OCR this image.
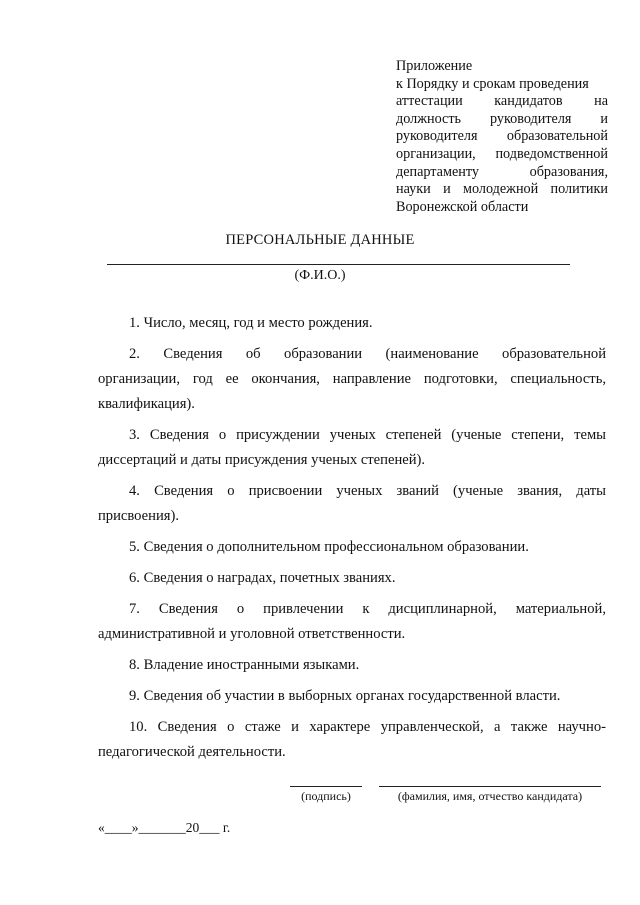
Приложение
к Порядку и срокам проведения
аттестации кандидатов на
должность руководителя и
руководителя образовательной
организации, подведомственной
департаменту образования,
науки и молодежной политики
Воронежской области
ПЕРСОНАЛЬНЫЕ ДАННЫЕ
(Ф.И.О.)
1. Число, месяц, год и место рождения.
2. Сведения об образовании (наименование образовательной
организации, год ее окончания, направление подготовки, специальность,
квалификация).
3. Сведения о присуждении ученых степеней (ученые степени, темы
диссертаций и даты присуждения ученых степеней).
4. Сведения о присвоении ученых званий (ученые звания, даты
присвоения).
5. Сведения о дополнительном профессиональном образовании.
6. Сведения о наградах, почетных званиях.
7. Сведения о привлечении к дисциплинарной, материальной,
административной и уголовной ответственности.
8. Владение иностранными языками.
9. Сведения об участии в выборных органах государственной власти.
10. Сведения о стаже и характере управленческой, а также научно-
педагогической деятельности.
(подпись)	(фамилия, имя, отчество кандидата)
«____»_______20___ г.
